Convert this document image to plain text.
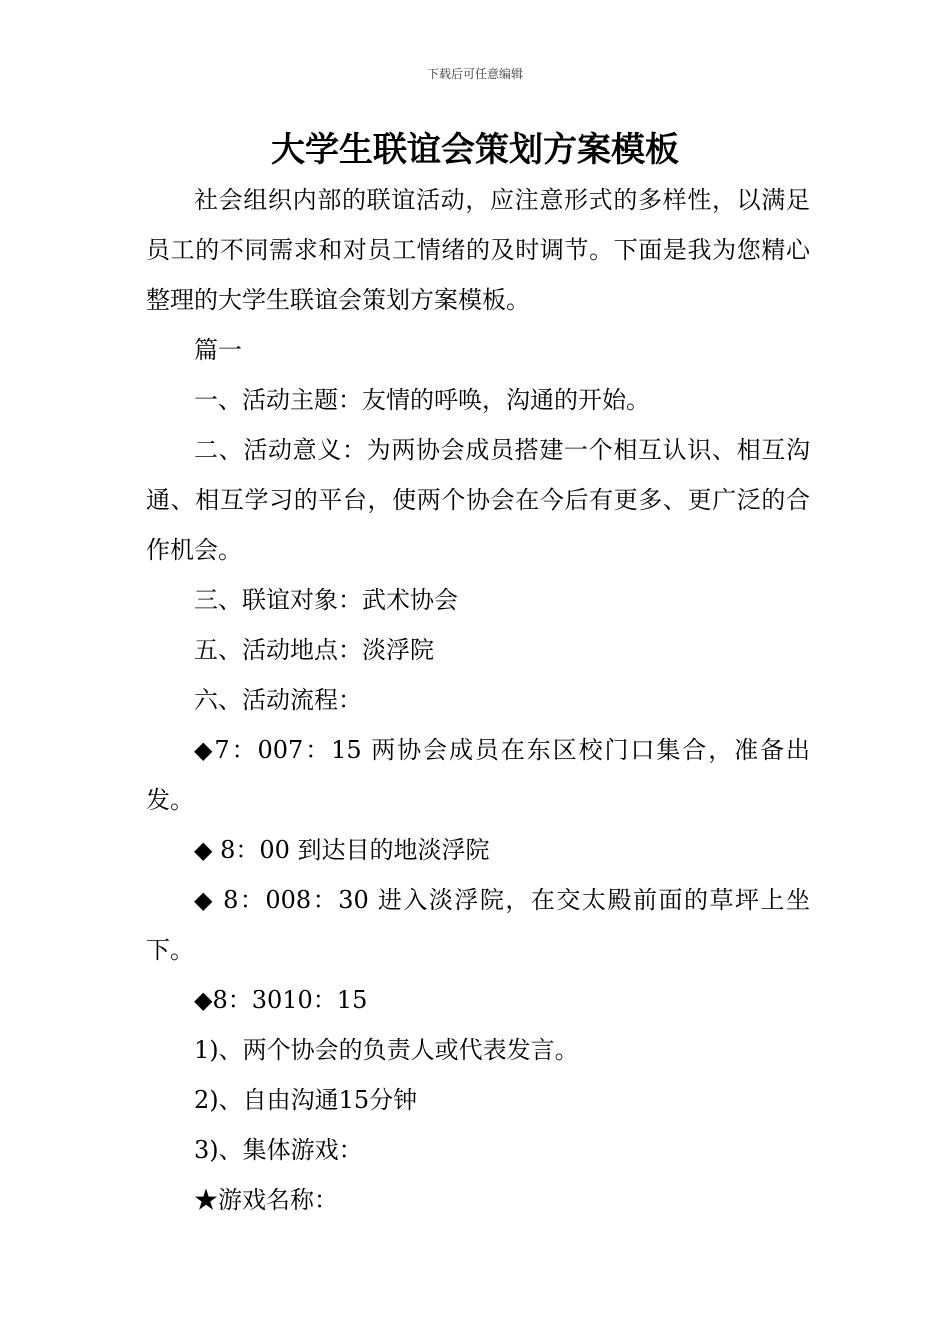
下载后可任意编辑
大学生联谊会策划方案模板

社会组织内部的联谊活动，应注意形式的多样性，以满足员工的不同需求和对员工情绪的及时调节。下面是我为您精心整理的大学生联谊会策划方案模板。

篇一

一、活动主题：友情的呼唤，沟通的开始。

二、活动意义：为两协会成员搭建一个相互认识、相互沟通、相互学习的平台，使两个协会在今后有更多、更广泛的合作机会。

三、联谊对象：武术协会

五、活动地点：淡浮院

六、活动流程：

◆7：007：15 两协会成员在东区校门口集合，准备出发。

◆ 8：00 到达目的地淡浮院

◆ 8：008：30 进入淡浮院，在交太殿前面的草坪上坐下。

◆8：3010：15

1)、两个协会的负责人或代表发言。

2)、自由沟通15分钟

3)、集体游戏：

★游戏名称：
